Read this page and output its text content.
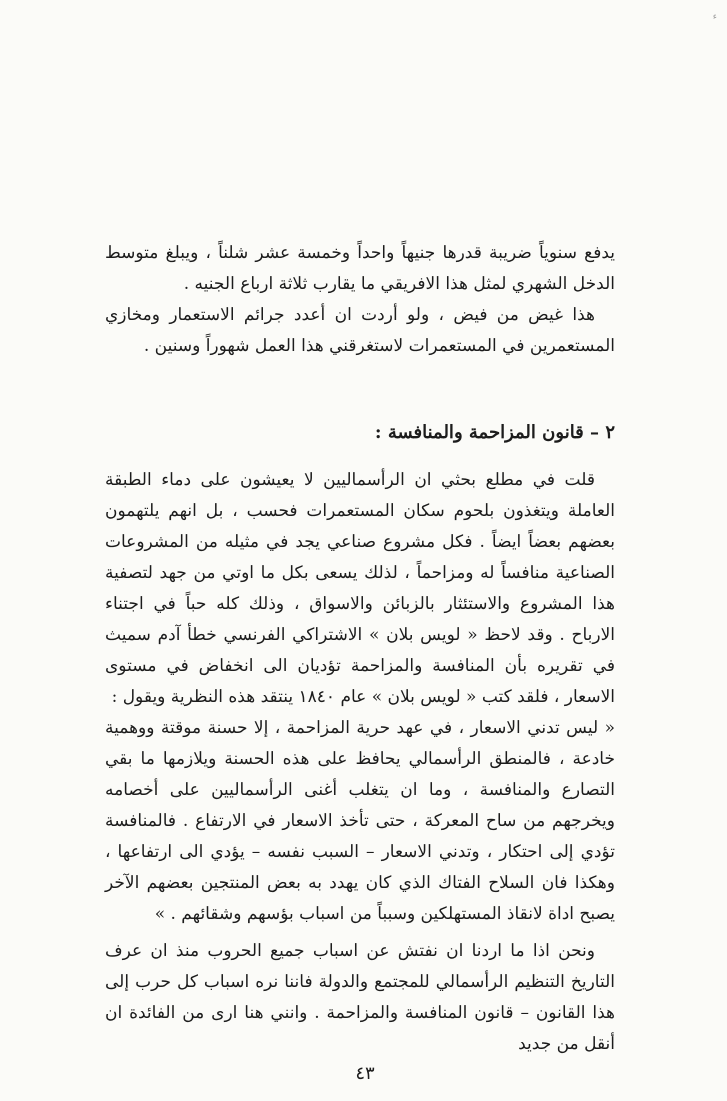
ء

يدفع سنوياً ضريبة قدرها جنيهاً واحداً وخمسة عشر شلناً ، ويبلغ متوسط الدخل الشهري لمثل هذا الافريقي ما يقارب ثلاثة ارباع الجنيه .

هذا غيض من فيض ، ولو أردت ان أعدد جرائم الاستعمار ومخازي المستعمرين في المستعمرات لاستغرقني هذا العمل شهوراً وسنين .

٢ – قانون المزاحمة والمنافسة :

قلت في مطلع بحثي ان الرأسماليين لا يعيشون على دماء الطبقة العاملة ويتغذون بلحوم سكان المستعمرات فحسب ، بل انهم يلتهمون بعضهم بعضاً ايضاً . فكل مشروع صناعي يجد في مثيله من المشروعات الصناعية منافساً له ومزاحماً ، لذلك يسعى بكل ما اوتي من جهد لتصفية هذا المشروع والاستئثار بالزبائن والاسواق ، وذلك كله حباً في اجتناء الارباح . وقد لاحظ « لويس بلان » الاشتراكي الفرنسي خطأ آدم سميث في تقريره بأن المنافسة والمزاحمة تؤديان الى انخفاض في مستوى الاسعار ، فلقد كتب « لويس بلان » عام ١٨٤٠ ينتقد هذه النظرية ويقول :

« ليس تدني الاسعار ، في عهد حرية المزاحمة ، إلا حسنة موقتة ووهمية خادعة ، فالمنطق الرأسمالي يحافظ على هذه الحسنة ويلازمها ما بقي التصارع والمنافسة ، وما ان يتغلب أغنى الرأسماليين على أخصامه ويخرجهم من ساح المعركة ، حتى تأخذ الاسعار في الارتفاع . فالمنافسة تؤدي إلى احتكار ، وتدني الاسعار – السبب نفسه – يؤدي الى ارتفاعها ، وهكذا فان السلاح الفتاك الذي كان يهدد به بعض المنتجين بعضهم الآخر يصبح اداة لانقاذ المستهلكين وسبباً من اسباب بؤسهم وشقائهم . »

ونحن اذا ما اردنا ان نفتش عن اسباب جميع الحروب منذ ان عرف التاريخ التنظيم الرأسمالي للمجتمع والدولة فاننا نره اسباب كل حرب إلى هذا القانون – قانون المنافسة والمزاحمة . وانني هنا ارى من الفائدة ان أنقل من جديد

٤٣
